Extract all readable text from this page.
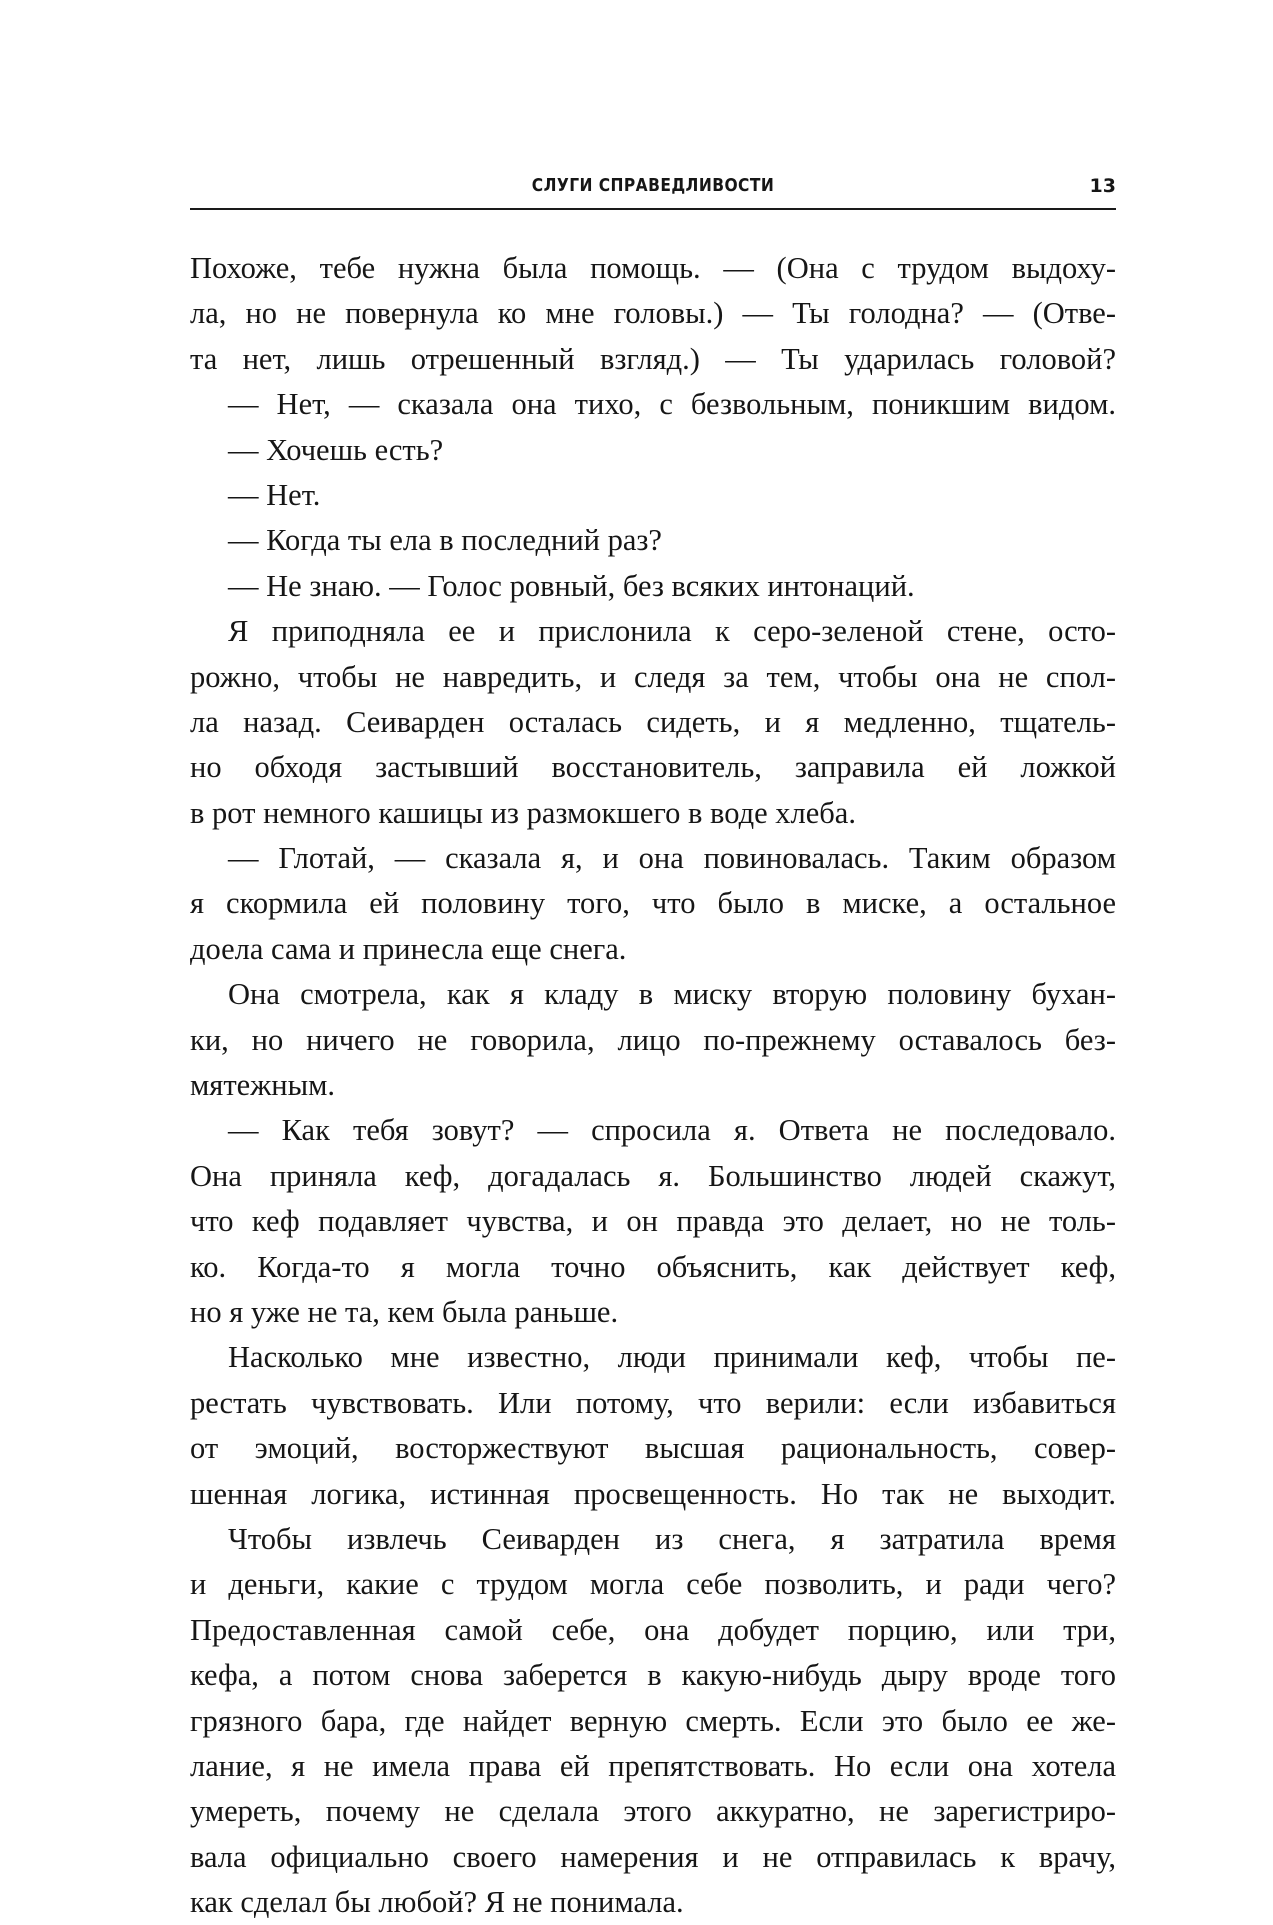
СЛУГИ СПРАВЕДЛИВОСТИ	13
Похоже, тебе нужна была помощь. — (Она с трудом выдоху-
ла, но не повернула ко мне головы.) — Ты голодна? — (Отве-
та нет, лишь отрешенный взгляд.) — Ты ударилась головой?
— Нет, — сказала она тихо, с безвольным, поникшим видом.
— Хочешь есть?
— Нет.
— Когда ты ела в последний раз?
— Не знаю. — Голос ровный, без всяких интонаций.
Я приподняла ее и прислонила к серо-зеленой стене, осто-
рожно, чтобы не навредить, и следя за тем, чтобы она не спол-
ла назад. Сеиварден осталась сидеть, и я медленно, тщатель-
но обходя застывший восстановитель, заправила ей ложкой
в рот немного кашицы из размокшего в воде хлеба.
— Глотай, — сказала я, и она повиновалась. Таким образом
я скормила ей половину того, что было в миске, а остальное
доела сама и принесла еще снега.
Она смотрела, как я кладу в миску вторую половину бухан-
ки, но ничего не говорила, лицо по-прежнему оставалось без-
мятежным.
— Как тебя зовут? — спросила я. Ответа не последовало.
Она приняла кеф, догадалась я. Большинство людей скажут,
что кеф подавляет чувства, и он правда это делает, но не толь-
ко. Когда-то я могла точно объяснить, как действует кеф,
но я уже не та, кем была раньше.
Насколько мне известно, люди принимали кеф, чтобы пе-
рестать чувствовать. Или потому, что верили: если избавиться
от эмоций, восторжествуют высшая рациональность, совер-
шенная логика, истинная просвещенность. Но так не выходит.
Чтобы извлечь Сеиварден из снега, я затратила время
и деньги, какие с трудом могла себе позволить, и ради чего?
Предоставленная самой себе, она добудет порцию, или три,
кефа, а потом снова заберется в какую-нибудь дыру вроде того
грязного бара, где найдет верную смерть. Если это было ее же-
лание, я не имела права ей препятствовать. Но если она хотела
умереть, почему не сделала этого аккуратно, не зарегистриро-
вала официально своего намерения и не отправилась к врачу,
как сделал бы любой? Я не понимала.
